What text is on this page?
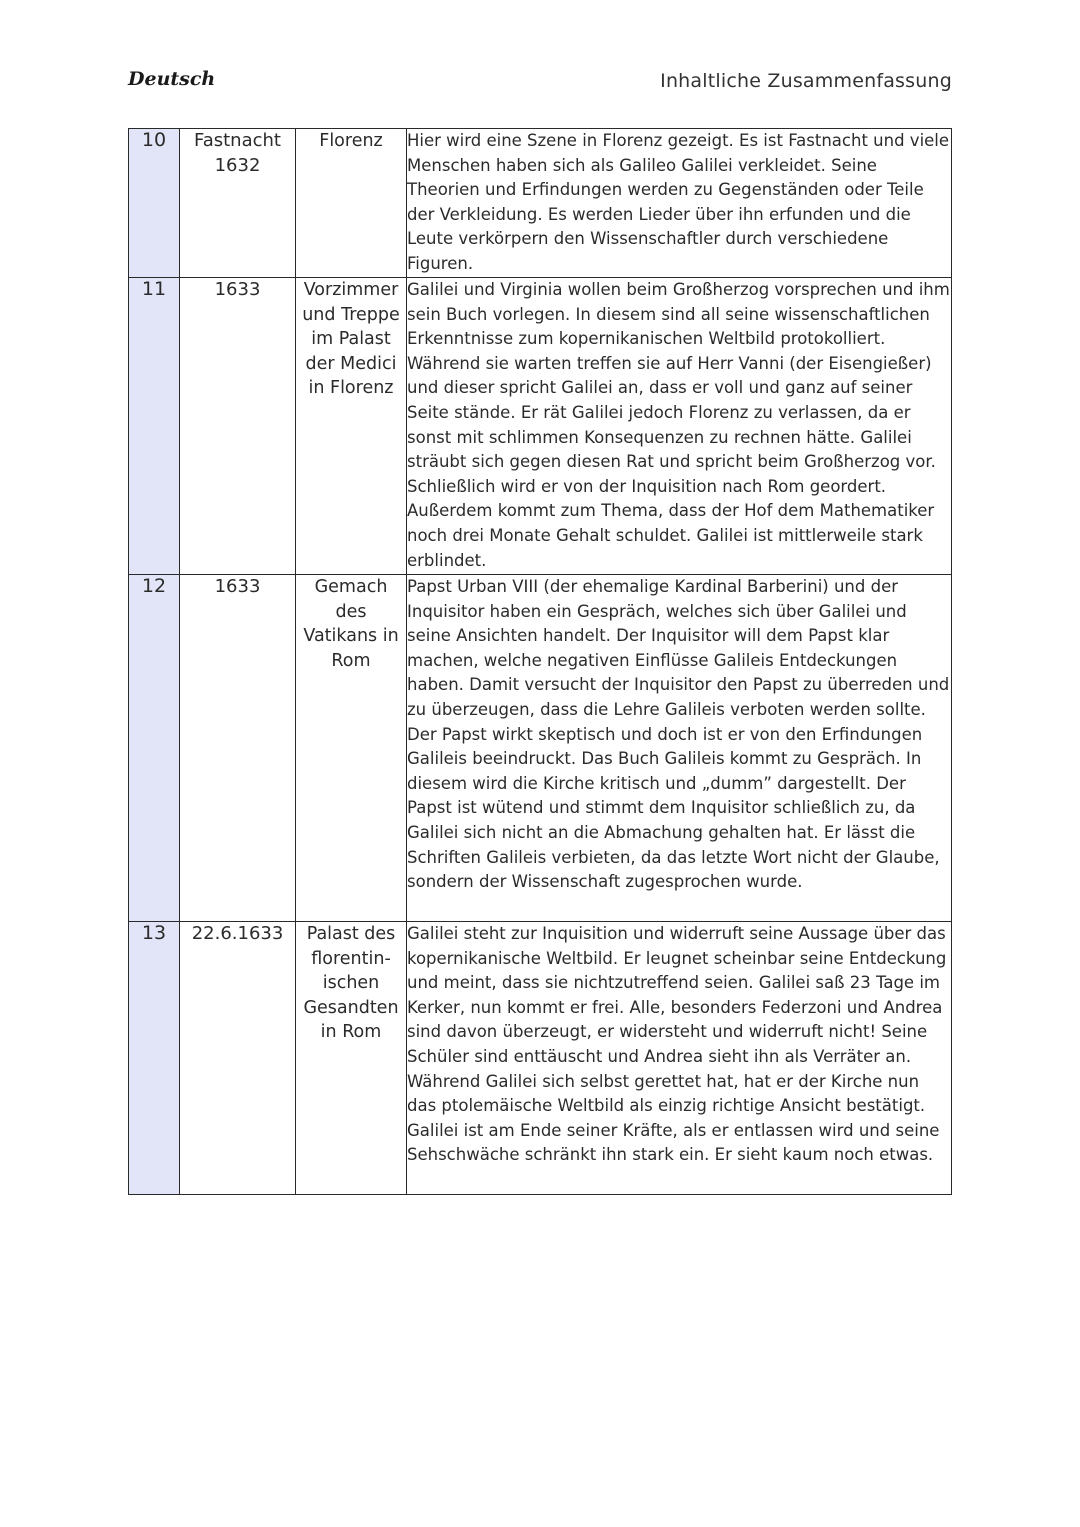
Deutsch	Inhaltliche Zusammenfassung
10	Fastnacht 1632	Florenz	Hier wird eine Szene in Florenz gezeigt. Es ist Fastnacht und viele Menschen haben sich als Galileo Galilei verkleidet. Seine Theorien und Erfindungen werden zu Gegenständen oder Teile der Verkleidung. Es werden Lieder über ihn erfunden und die Leute verkörpern den Wissenschaftler durch verschiedene Figuren.

11	1633	Vorzimmer und Treppe im Palast der Medici in Florenz	Galilei und Virginia wollen beim Großherzog vorsprechen und ihm sein Buch vorlegen. In diesem sind all seine wissenschaftlichen Erkenntnisse zum kopernikanischen Weltbild protokolliert. Während sie warten treffen sie auf Herr Vanni (der Eisengießer) und dieser spricht Galilei an, dass er voll und ganz auf seiner Seite stände. Er rät Galilei jedoch Florenz zu verlassen, da er sonst mit schlimmen Konsequenzen zu rechnen hätte. Galilei sträubt sich gegen diesen Rat und spricht beim Großherzog vor. Schließlich wird er von der Inquisition nach Rom geordert. Außerdem kommt zum Thema, dass der Hof dem Mathematiker noch drei Monate Gehalt schuldet. Galilei ist mittlerweile stark erblindet.

12	1633	Gemach des Vatikans in Rom	Papst Urban VIII (der ehemalige Kardinal Barberini) und der Inquisitor haben ein Gespräch, welches sich über Galilei und seine Ansichten handelt. Der Inquisitor will dem Papst klar machen, welche negativen Einflüsse Galileis Entdeckungen haben. Damit versucht der Inquisitor den Papst zu überreden und zu überzeugen, dass die Lehre Galileis verboten werden sollte. Der Papst wirkt skeptisch und doch ist er von den Erfindungen Galileis beeindruckt. Das Buch Galileis kommt zu Gespräch. In diesem wird die Kirche kritisch und „dumm” dargestellt. Der Papst ist wütend und stimmt dem Inquisitor schließlich zu, da Galilei sich nicht an die Abmachung gehalten hat. Er lässt die Schriften Galileis verbieten, da das letzte Wort nicht der Glaube, sondern der Wissenschaft zugesprochen wurde.

13	22.6.1633	Palast des florentin-ischen Gesandten in Rom	Galilei steht zur Inquisition und widerruft seine Aussage über das kopernikanische Weltbild. Er leugnet scheinbar seine Entdeckung und meint, dass sie nichtzutreffend seien. Galilei saß 23 Tage im Kerker, nun kommt er frei. Alle, besonders Federzoni und Andrea sind davon überzeugt, er widersteht und widerruft nicht! Seine Schüler sind enttäuscht und Andrea sieht ihn als Verräter an. Während Galilei sich selbst gerettet hat, hat er der Kirche nun das ptolemäische Weltbild als einzig richtige Ansicht bestätigt. Galilei ist am Ende seiner Kräfte, als er entlassen wird und seine Sehschwäche schränkt ihn stark ein. Er sieht kaum noch etwas.
